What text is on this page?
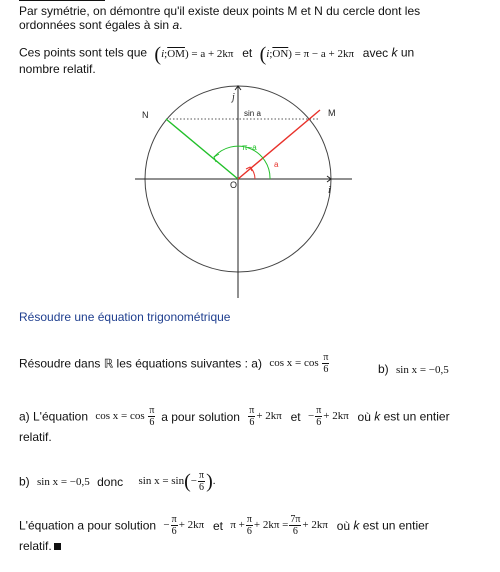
Par symétrie, on démontre qu'il existe deux points M et N du cercle dont les
ordonnées sont égales à sin a.
Ces points sont tels que $(i;\overline{OM}) = a + 2k\pi$ et $(i;\overline{ON}) = \pi - a + 2k\pi$ avec k un
nombre relatif.
N	M
O
j
i
sin a
π−a
a
Résoudre une équation trigonométrique
Résoudre dans ℝ les équations suivantes : a) $\cos x = \cos \frac{\pi}{6}$	b) sin x = −0,5
a) L'équation $\cos x = \cos \frac{\pi}{6}$ a pour solution $\frac{\pi}{6} + 2k\pi$ et − $\frac{\pi}{6} + 2k\pi$ où k est un entier
relatif.
b) sin x = −0,5 donc $\sin x = \sin(- \frac{\pi}{6}$ ).
L'équation a pour solution − $\frac{\pi}{6} + 2k\pi$ et $\pi + \frac{\pi}{6} + 2k\pi = \frac{7\pi}{6} + 2k\pi$ où k est un entier
relatif.
